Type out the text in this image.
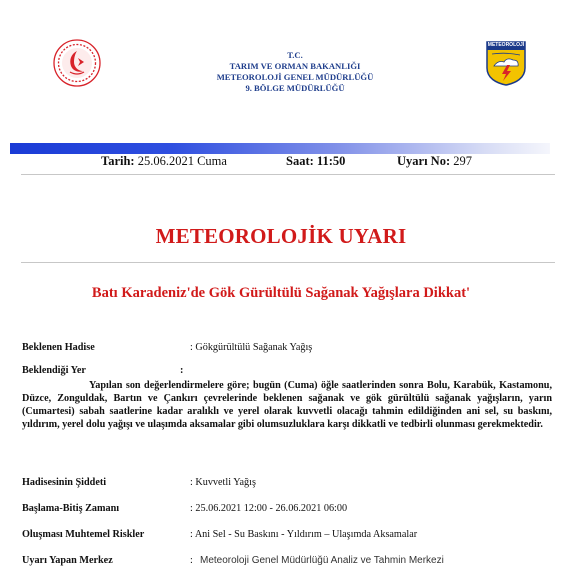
T.C.
TARIM VE ORMAN BAKANLIĞI
METEOROLOJİ GENEL MÜDÜRLÜĞÜ
9. BÖLGE MÜDÜRLÜĞÜ
METEOROLOJİ
Tarih: 25.06.2021 Cuma	Saat: 11:50	Uyarı No: 297
METEOROLOJİK UYARI
Batı Karadeniz'de Gök Gürültülü Sağanak Yağışlara Dikkat'
Beklenen Hadise	: Gökgürültülü Sağanak Yağış
Beklendiği Yer	:
Yapılan son değerlendirmelere göre; bugün (Cuma) öğle saatlerinden sonra Bolu, Karabük, Kastamonu, Düzce, Zonguldak, Bartın ve Çankırı çevrelerinde beklenen sağanak ve gök gürültülü sağanak yağışların, yarın (Cumartesi) sabah saatlerine kadar aralıklı ve yerel olarak kuvvetli olacağı tahmin edildiğinden ani sel, su baskını, yıldırım, yerel dolu yağışı ve ulaşımda aksamalar gibi olumsuzluklara karşı dikkatli ve tedbirli olunması gerekmektedir.
Hadisesinin Şiddeti	: Kuvvetli Yağış
Başlama-Bitiş Zamanı	: 25.06.2021 12:00 - 26.06.2021 06:00
Oluşması Muhtemel Riskler	: Ani Sel - Su Baskını - Yıldırım – Ulaşımda Aksamalar
Uyarı Yapan Merkez	: Meteoroloji Genel Müdürlüğü Analiz ve Tahmin Merkezi
